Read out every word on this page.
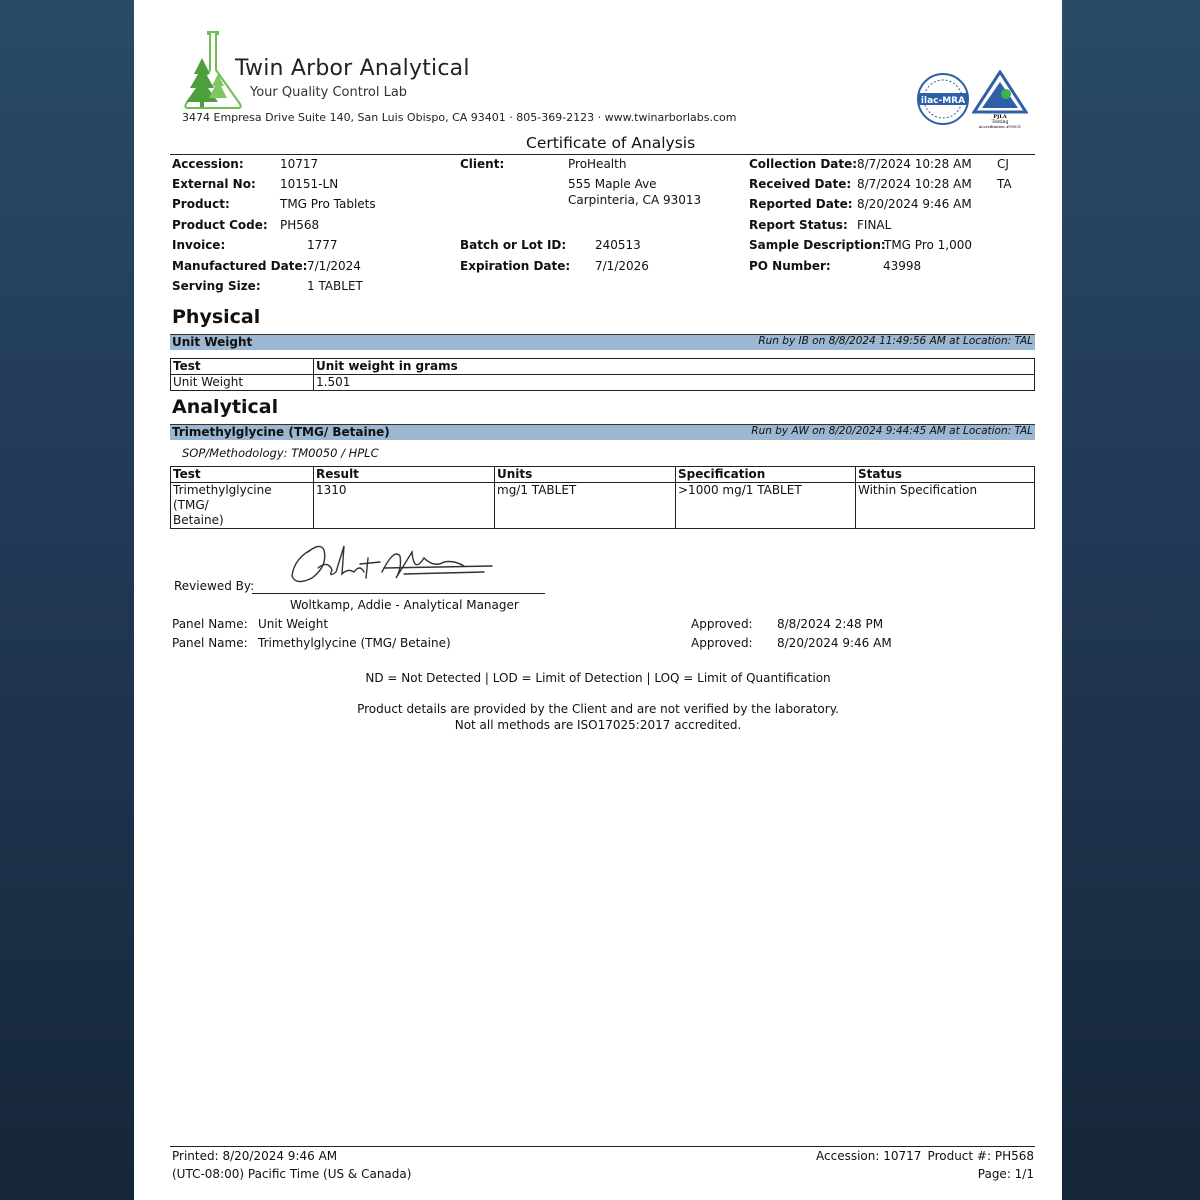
Twin Arbor Analytical
Your Quality Control Lab
3474 Empresa Drive Suite 140, San Luis Obispo, CA 93401 · 805-369-2123 · www.twinarborlabs.com
ilac-MRA
PJLA
Testing
Accreditation #99531
Certificate of Analysis
Accession:	10717
External No: 10151-LN
Product:	TMG Pro Tablets
Product Code: PH568
Invoice:	1777
Manufactured Date: 7/1/2024
Serving Size:	1 TABLET
Client:	ProHealth
555 Maple Ave
Carpinteria, CA 93013
Batch or Lot ID: 240513
Expiration Date: 7/1/2026
Collection Date: 8/7/2024 10:28 AM CJ
Received Date: 8/7/2024 10:28 AM TA
Reported Date: 8/20/2024 9:46 AM
Report Status: FINAL
Sample Description:
TMG Pro 1,000
PO Number:	43998
Physical
Unit Weight	Run by IB on 8/8/2024 11:49:56 AM at Location: TAL
Test	Unit weight in grams
Unit Weight	1.501
Analytical
Trimethylglycine (TMG/ Betaine)	Run by AW on 8/20/2024 9:44:45 AM at Location: TAL
SOP/Methodology: TM0050 / HPLC
Test	Result	Units	Specification	Status
Trimethylglycine (TMG/
Betaine)	1310	mg/1 TABLET	>1000 mg/1 TABLET	Within Specification
Reviewed By:
Woltkamp, Addie - Analytical Manager
Panel Name: Unit Weight	Approved: 8/8/2024 2:48 PM
Panel Name: Trimethylglycine (TMG/ Betaine)	Approved: 8/20/2024 9:46 AM
ND = Not Detected | LOD = Limit of Detection | LOQ = Limit of Quantification
Product details are provided by the Client and are not verified by the laboratory.
Not all methods are ISO17025:2017 accredited.
Printed: 8/20/2024 9:46 AM
(UTC-08:00) Pacific Time (US & Canada)
Accession: 10717 Product #: PH568
Page: 1/1
